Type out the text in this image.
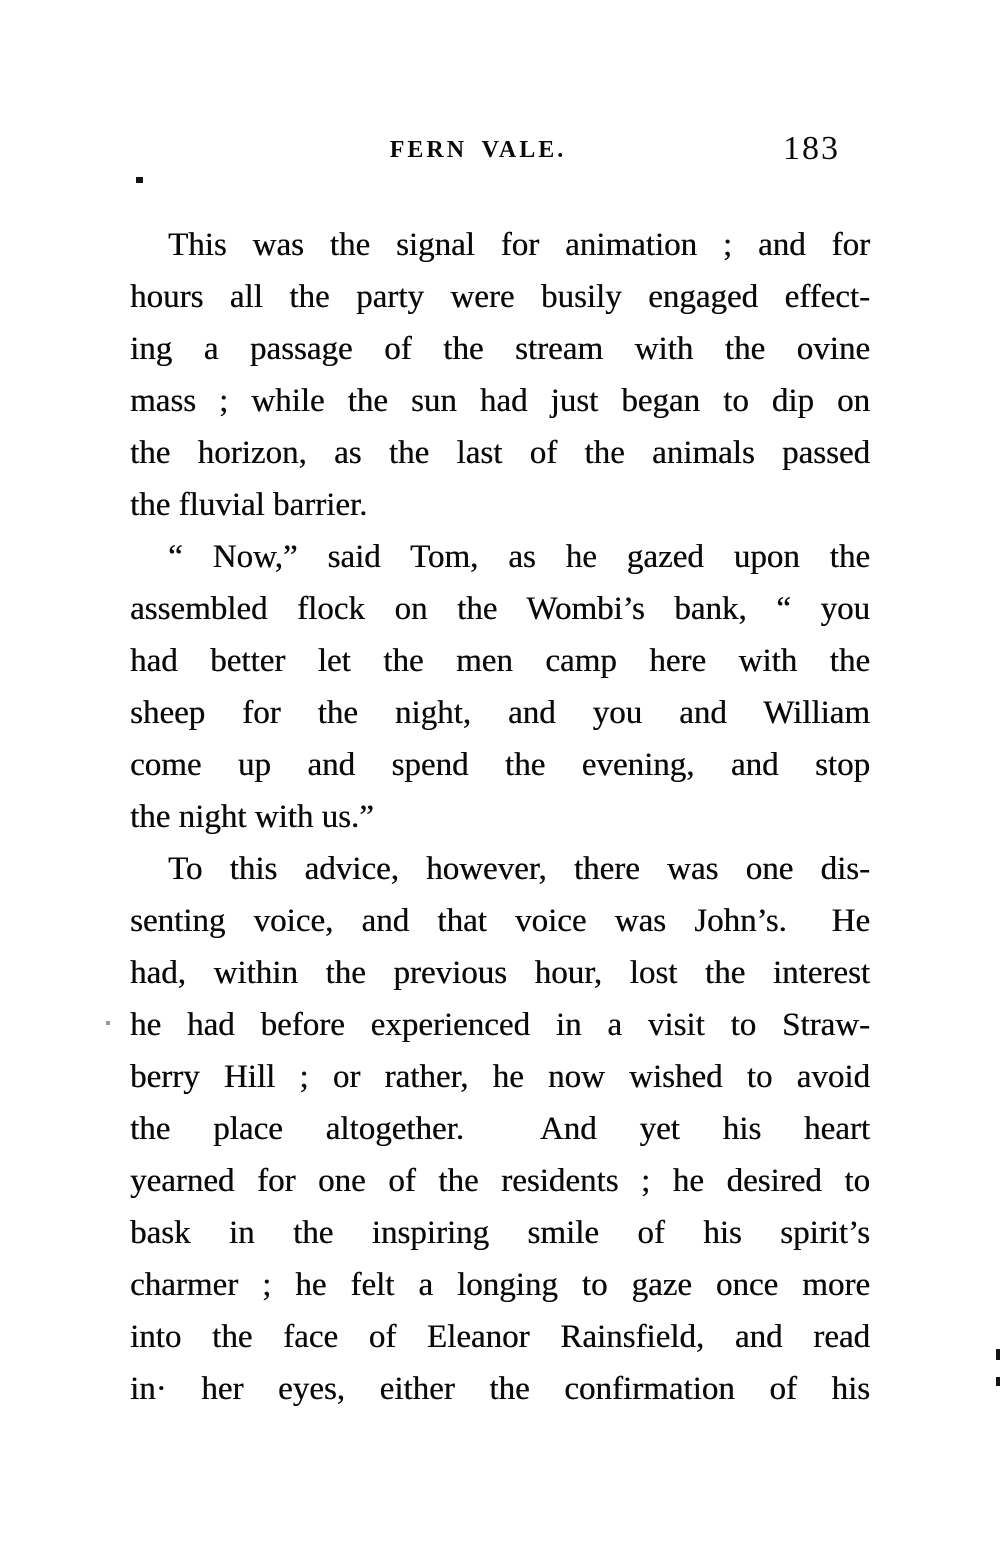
FERN VALE.	183
This was the signal for animation ; and for
hours all the party were busily engaged effect-
ing a passage of the stream with the ovine
mass ; while the sun had just began to dip on
the horizon, as the last of the animals passed
the fluvial barrier.
“ Now,” said Tom, as he gazed upon the
assembled flock on the Wombi’s bank, “ you
had better let the men camp here with the
sheep for the night, and you and William
come up and spend the evening, and stop
the night with us.”
To this advice, however, there was one dis-
senting voice, and that voice was John’s.  He
had, within the previous hour, lost the interest
he had before experienced in a visit to Straw-
berry Hill ; or rather, he now wished to avoid
the place altogether.  And yet his heart
yearned for one of the residents ; he desired to
bask in the inspiring smile of his spirit’s
charmer ; he felt a longing to gaze once more
into the face of Eleanor Rainsfield, and read
in· her eyes, either the confirmation of his
